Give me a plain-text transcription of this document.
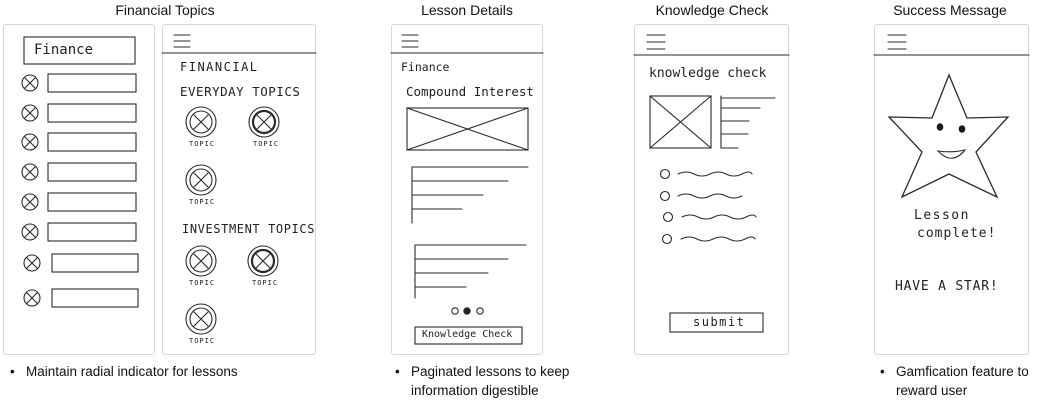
Financial Topics	Lesson Details	Knowledge Check	Success Message
Finance
FINANCIAL
EVERYDAY TOPICS
TOPIC	TOPIC
TOPIC
INVESTMENT TOPICS
TOPIC	TOPIC
TOPIC
Finance
Compound Interest
Knowledge Check
knowledge check
submit
Lesson
complete!
HAVE A STAR!
• Maintain radial indicator for lessons	• Paginated lessons to keep
information digestible
• Gamfication feature to
reward user
